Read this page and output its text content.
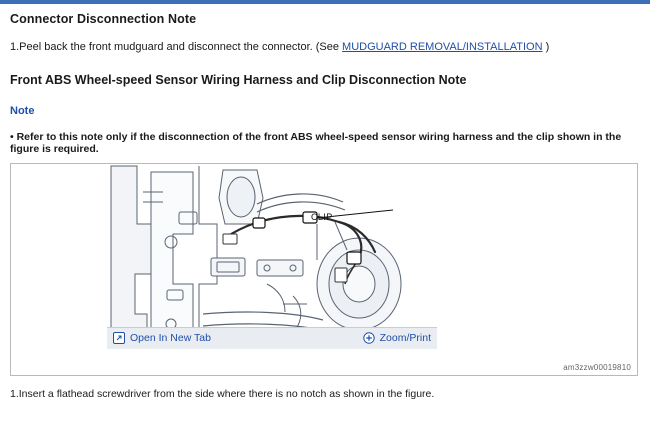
Connector Disconnection Note
1.Peel back the front mudguard and disconnect the connector. (See MUDGUARD REMOVAL/INSTALLATION )
Front ABS Wheel-speed Sensor Wiring Harness and Clip Disconnection Note
Note
• Refer to this note only if the disconnection of the front ABS wheel-speed sensor wiring harness and the clip shown in the figure is required.
CLIP
Open In New Tab	Zoom/Print
am3zzw00019810
1.Insert a flathead screwdriver from the side where there is no notch as shown in the figure.
